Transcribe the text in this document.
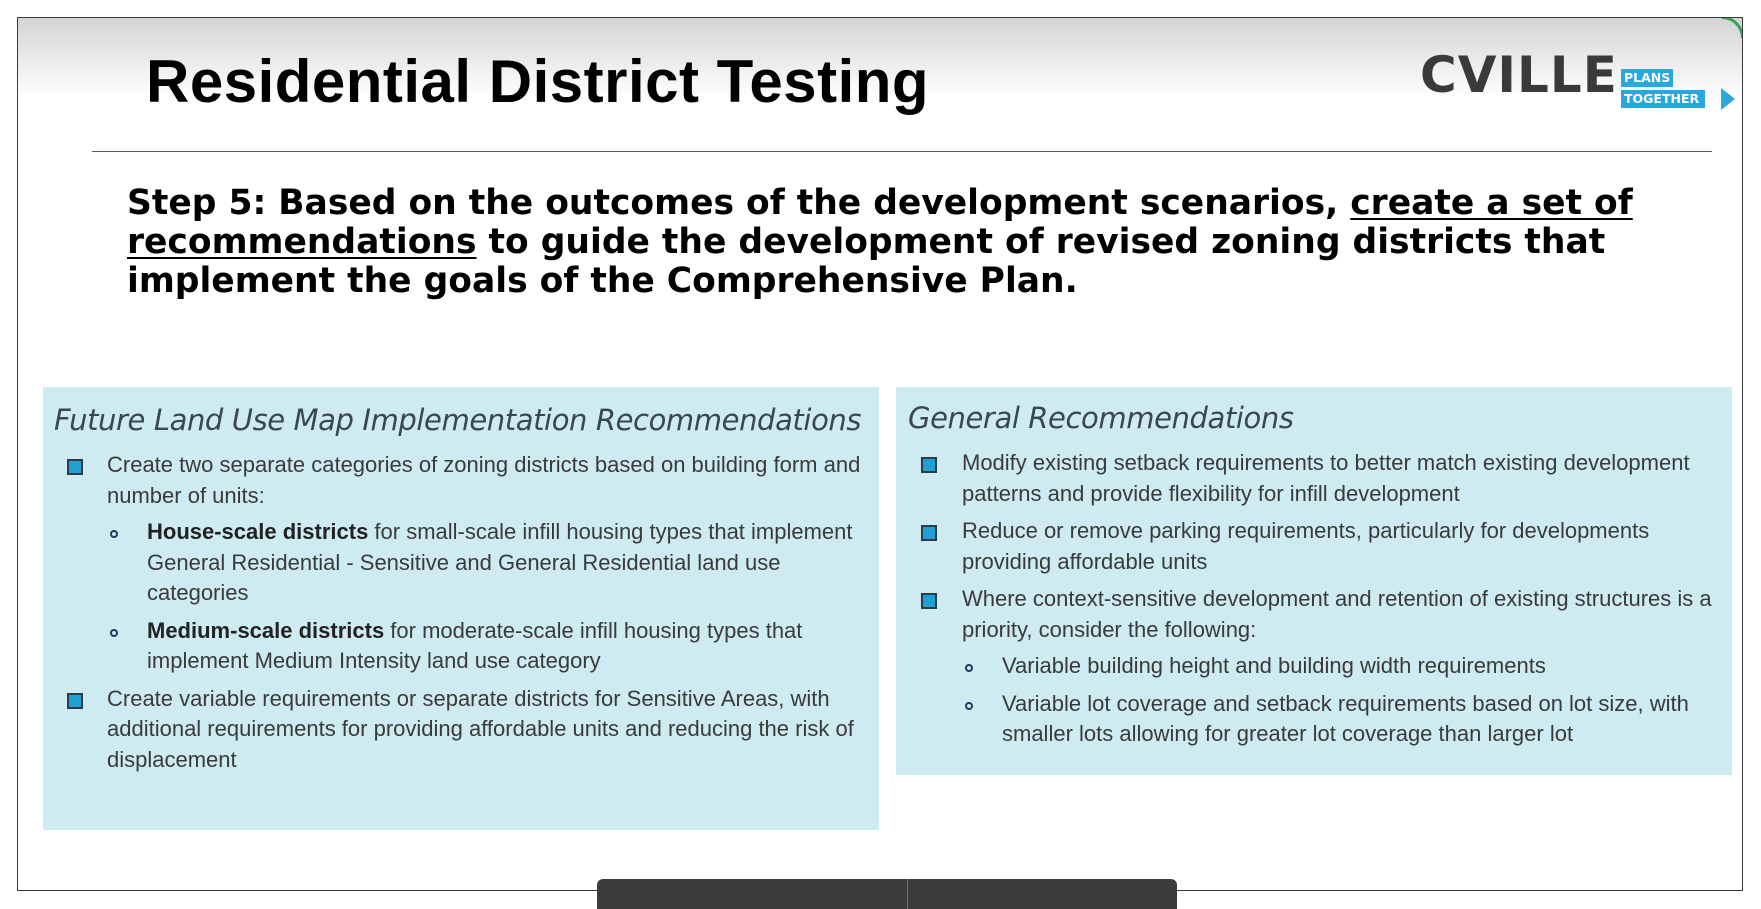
Residential District Testing	CVILLE PLANS
TOGETHER

Step 5: Based on the outcomes of the development scenarios, create a set of recommendations to guide the development of revised zoning districts that implement the goals of the Comprehensive Plan.

Future Land Use Map Implementation Recommendations
Create two separate categories of zoning districts based on building form and number of units:
House-scale districts for small-scale infill housing types that implement General Residential - Sensitive and General Residential land use categories
Medium-scale districts for moderate-scale infill housing types that implement Medium Intensity land use category
Create variable requirements or separate districts for Sensitive Areas, with additional requirements for providing affordable units and reducing the risk of displacement
General Recommendations
Modify existing setback requirements to better match existing development patterns and provide flexibility for infill development
Reduce or remove parking requirements, particularly for developments providing affordable units
Where context-sensitive development and retention of existing structures is a priority, consider the following:
Variable building height and building width requirements
Variable lot coverage and setback requirements based on lot size, with smaller lots allowing for greater lot coverage than larger lot
